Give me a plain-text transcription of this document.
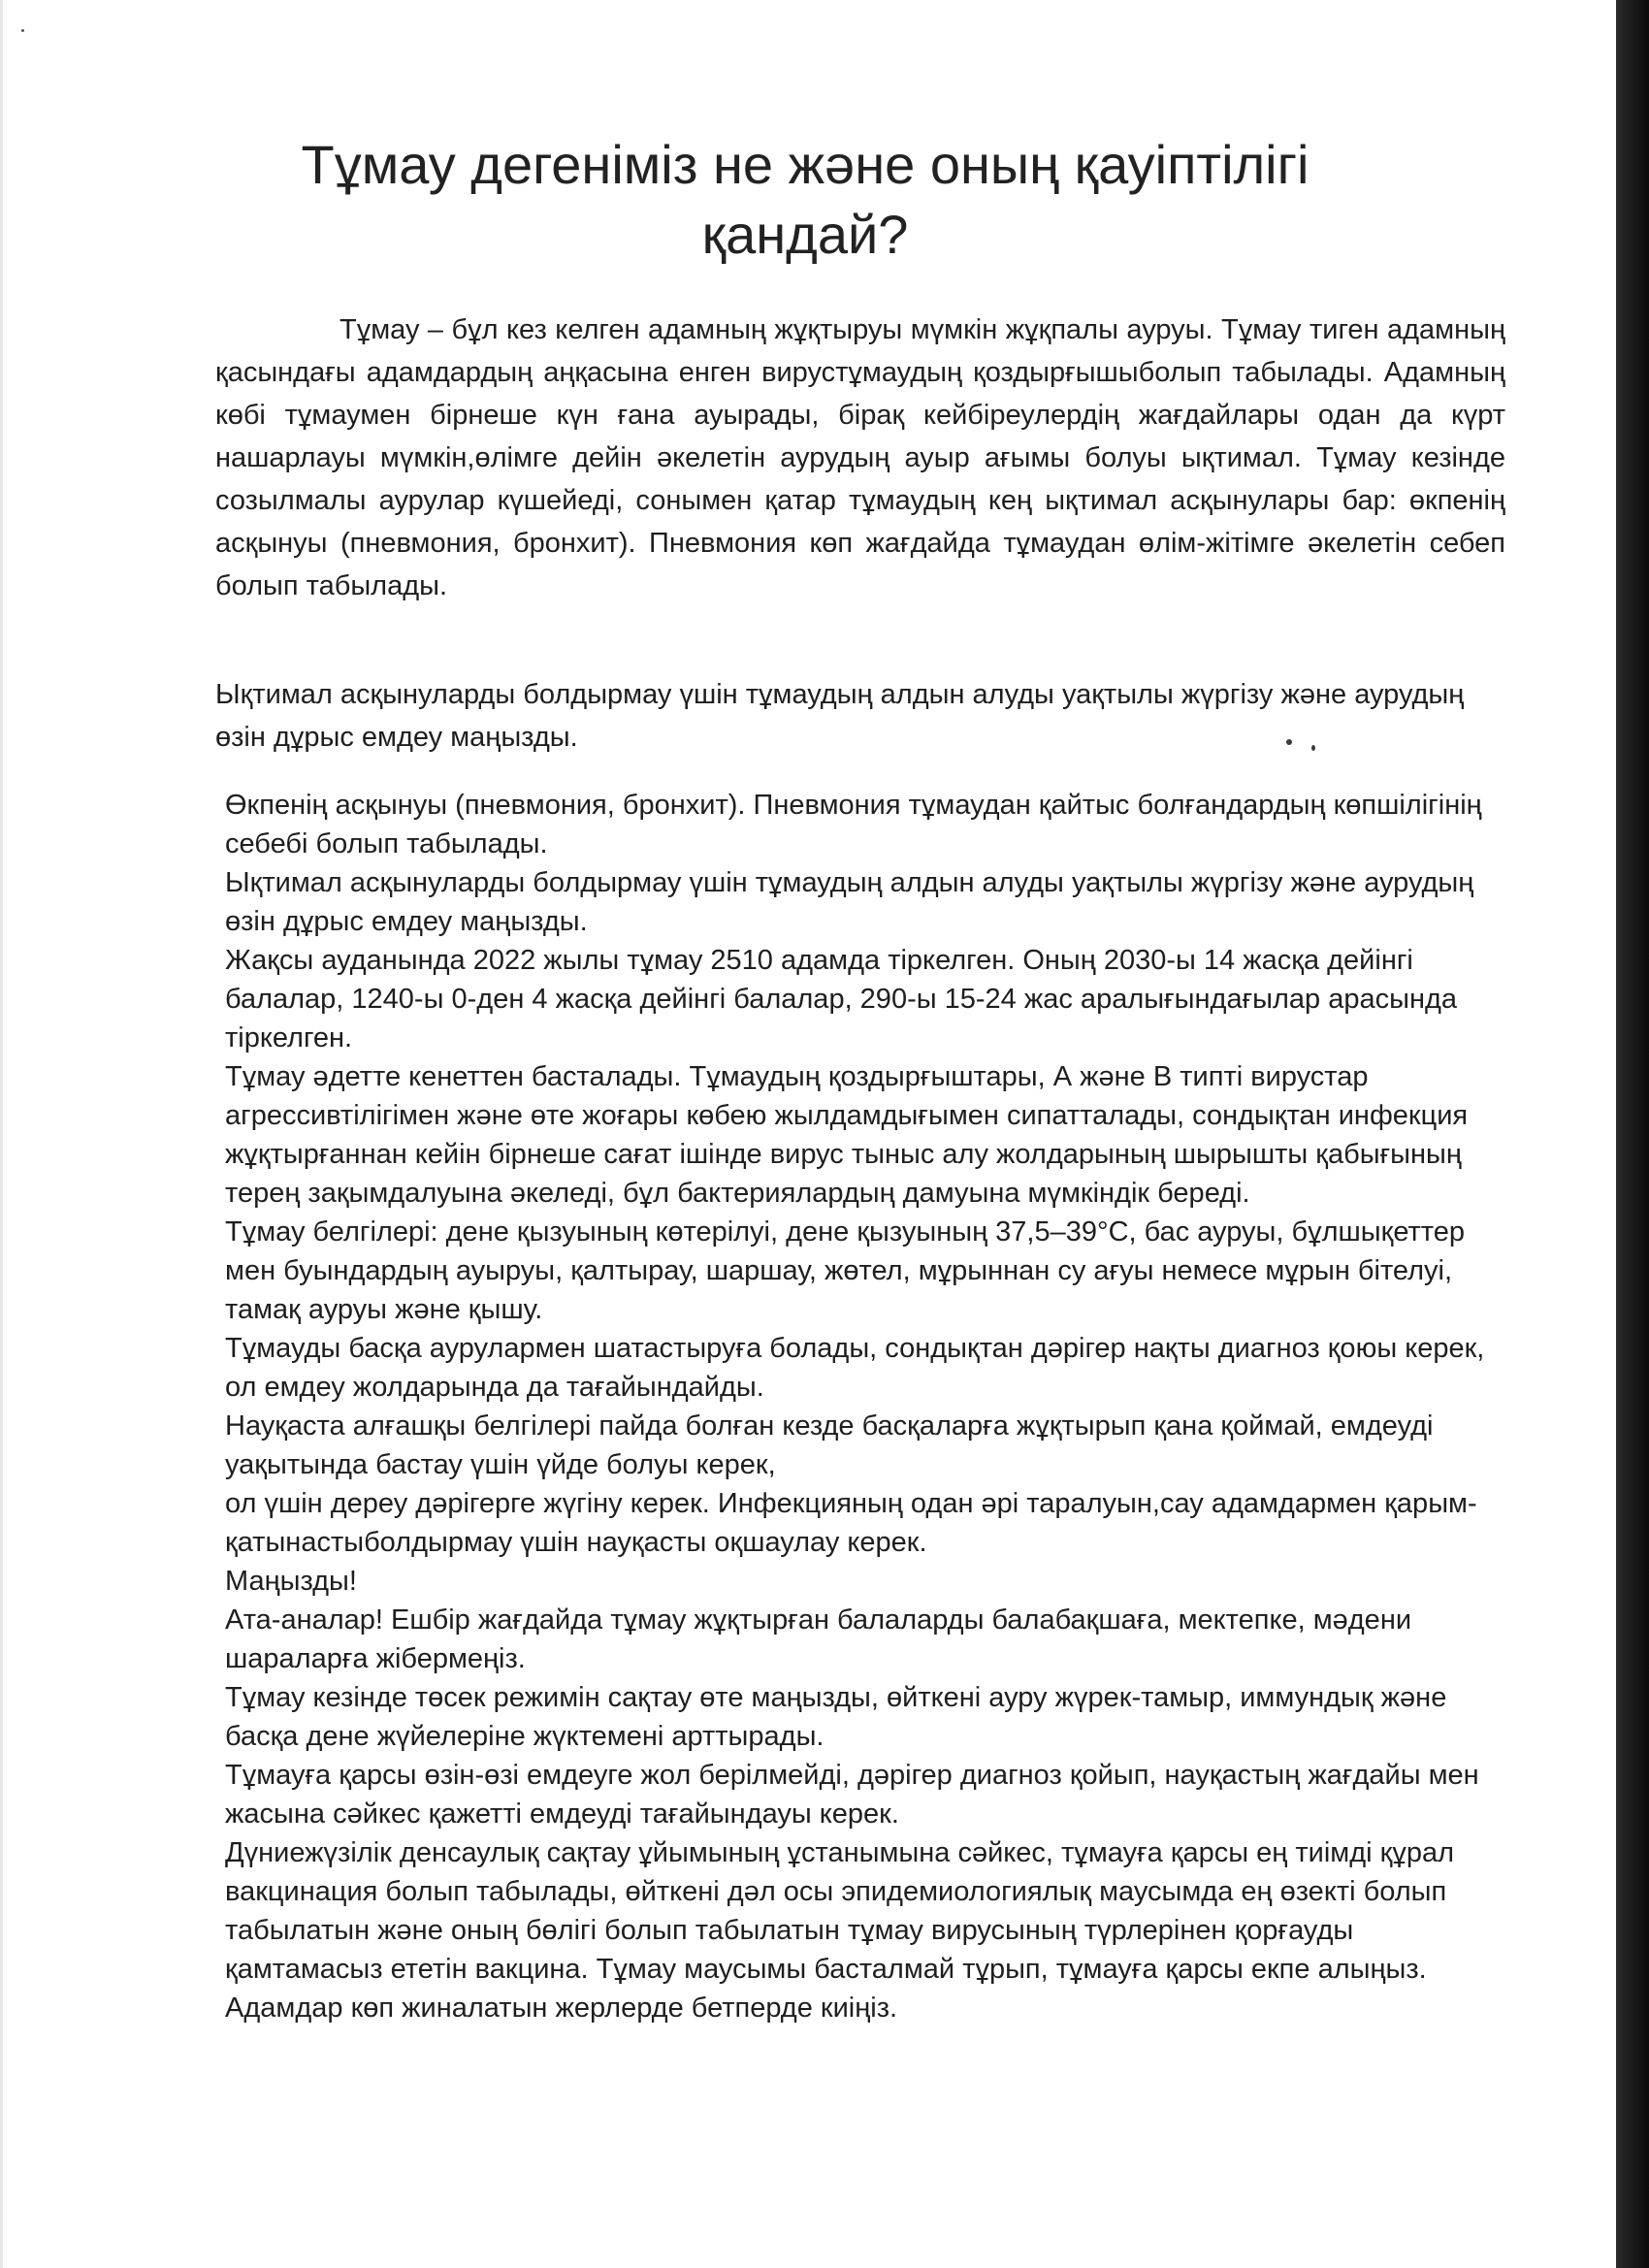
Тұмау дегеніміз не және оның қауіптілігі қандай?

Тұмау – бұл кез келген адамның жұқтыруы мүмкін жұқпалы ауруы. Тұмау тиген адамның қасындағы адамдардың аңқасына енген вирустұмаудың қоздырғышыболып табылады. Адамның көбі тұмаумен бірнеше күн ғана ауырады, бірақ кейбіреулердің жағдайлары одан да күрт нашарлауы мүмкін,өлімге дейін әкелетін аурудың ауыр ағымы болуы ықтимал. Тұмау кезінде созылмалы аурулар күшейеді, сонымен қатар тұмаудың кең ықтимал асқынулары бар: өкпенің асқынуы (пневмония, бронхит). Пневмония көп жағдайда тұмаудан өлім-жітімге әкелетін себеп болып табылады.

Ықтимал асқынуларды болдырмау үшін тұмаудың алдын алуды уақтылы жүргізу және аурудың өзін дұрыс емдеу маңызды.

Өкпенің асқынуы (пневмония, бронхит). Пневмония тұмаудан қайтыс болғандардың көпшілігінің себебі болып табылады.
Ықтимал асқынуларды болдырмау үшін тұмаудың алдын алуды уақтылы жүргізу және аурудың өзін дұрыс емдеу маңызды.
Жақсы ауданында 2022 жылы тұмау 2510 адамда тіркелген. Оның 2030-ы 14 жасқа дейінгі балалар, 1240-ы 0-ден 4 жасқа дейінгі балалар, 290-ы 15-24 жас аралығындағылар арасында тіркелген.
Тұмау әдетте кенеттен басталады. Тұмаудың қоздырғыштары, А және В типті вирустар агрессивтілігімен және өте жоғары көбею жылдамдығымен сипатталады, сондықтан инфекция жұқтырғаннан кейін бірнеше сағат ішінде вирус тыныс алу жолдарының шырышты қабығының терең зақымдалуына әкеледі, бұл бактериялардың дамуына мүмкіндік береді.
Тұмау белгілері: дене қызуының көтерілуі, дене қызуының 37,5–39°С, бас ауруы, бұлшықеттер мен буындардың ауыруы, қалтырау, шаршау, жөтел, мұрыннан су ағуы немесе мұрын бітелуі, тамақ ауруы және қышу.
Тұмауды басқа аурулармен шатастыруға болады, сондықтан дәрігер нақты диагноз қоюы керек, ол емдеу жолдарында да тағайындайды.
Науқаста алғашқы белгілері пайда болған кезде басқаларға жұқтырып қана қоймай, емдеуді уақытында бастау үшін үйде болуы керек,
ол үшін дереу дәрігерге жүгіну керек. Инфекцияның одан әрі таралуын,сау адамдармен қарым-қатынастыболдырмау үшін науқасты оқшаулау керек.
Маңызды!
Ата-аналар! Ешбір жағдайда тұмау жұқтырған балаларды балабақшаға, мектепке, мәдени шараларға жібермеңіз.
Тұмау кезінде төсек режимін сақтау өте маңызды, өйткені ауру жүрек-тамыр, иммундық және басқа дене жүйелеріне жүктемені арттырады.
Тұмауға қарсы өзін-өзі емдеуге жол берілмейді, дәрігер диагноз қойып, науқастың жағдайы мен жасына сәйкес қажетті емдеуді тағайындауы керек.
Дүниежүзілік денсаулық сақтау ұйымының ұстанымына сәйкес, тұмауға қарсы ең тиімді құрал вакцинация болып табылады, өйткені дәл осы эпидемиологиялық маусымда ең өзекті болып табылатын және оның бөлігі болып табылатын тұмау вирусының түрлерінен қорғауды қамтамасыз ететін вакцина. Тұмау маусымы басталмай тұрып, тұмауға қарсы екпе алыңыз.
Адамдар көп жиналатын жерлерде бетперде киіңіз.
